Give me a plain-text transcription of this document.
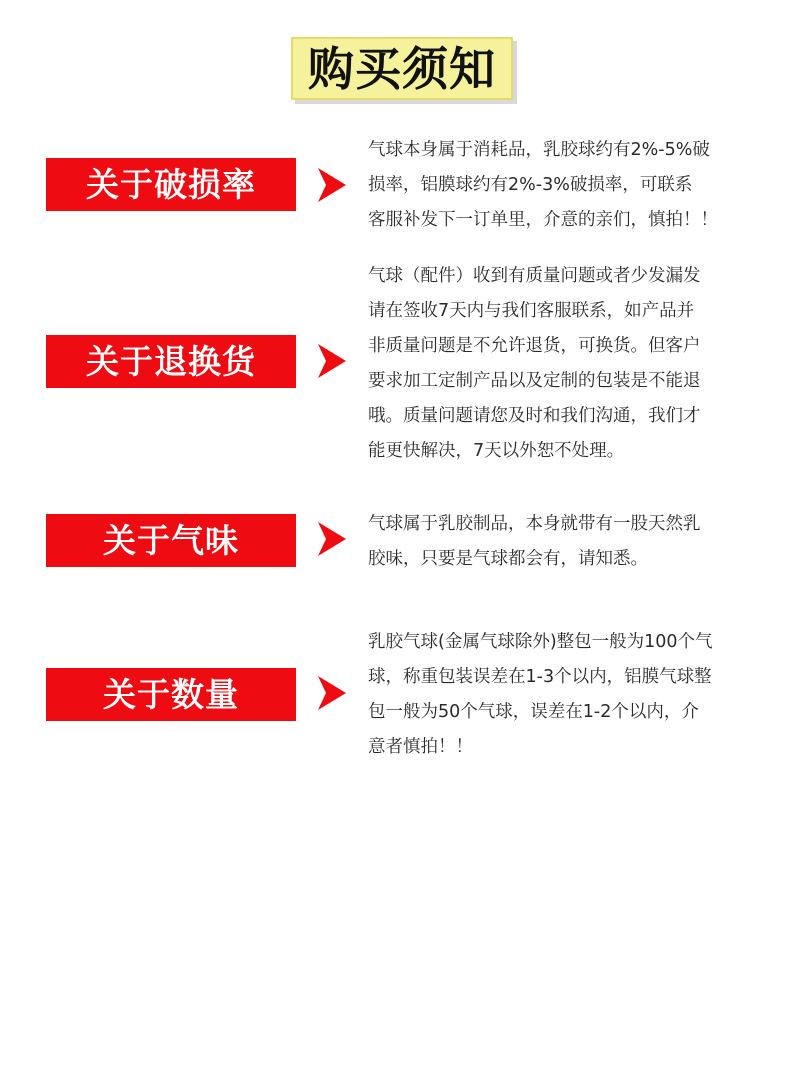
购买须知
关于破损率
气球本身属于消耗品，乳胶球约有2%-5%破
损率，铝膜球约有2%-3%破损率，可联系
客服补发下一订单里，介意的亲们，慎拍！！
关于退换货
气球（配件）收到有质量问题或者少发漏发
请在签收7天内与我们客服联系，如产品并
非质量问题是不允许退货，可换货。但客户
要求加工定制产品以及定制的包装是不能退
哦。质量问题请您及时和我们沟通，我们才
能更快解决，7天以外恕不处理。
关于气味	气球属于乳胶制品，本身就带有一股天然乳
胶味，只要是气球都会有，请知悉。
关于数量
乳胶气球(金属气球除外)整包一般为100个气
球，称重包装误差在1-3个以内，铝膜气球整
包一般为50个气球，误差在1-2个以内，介
意者慎拍！！
